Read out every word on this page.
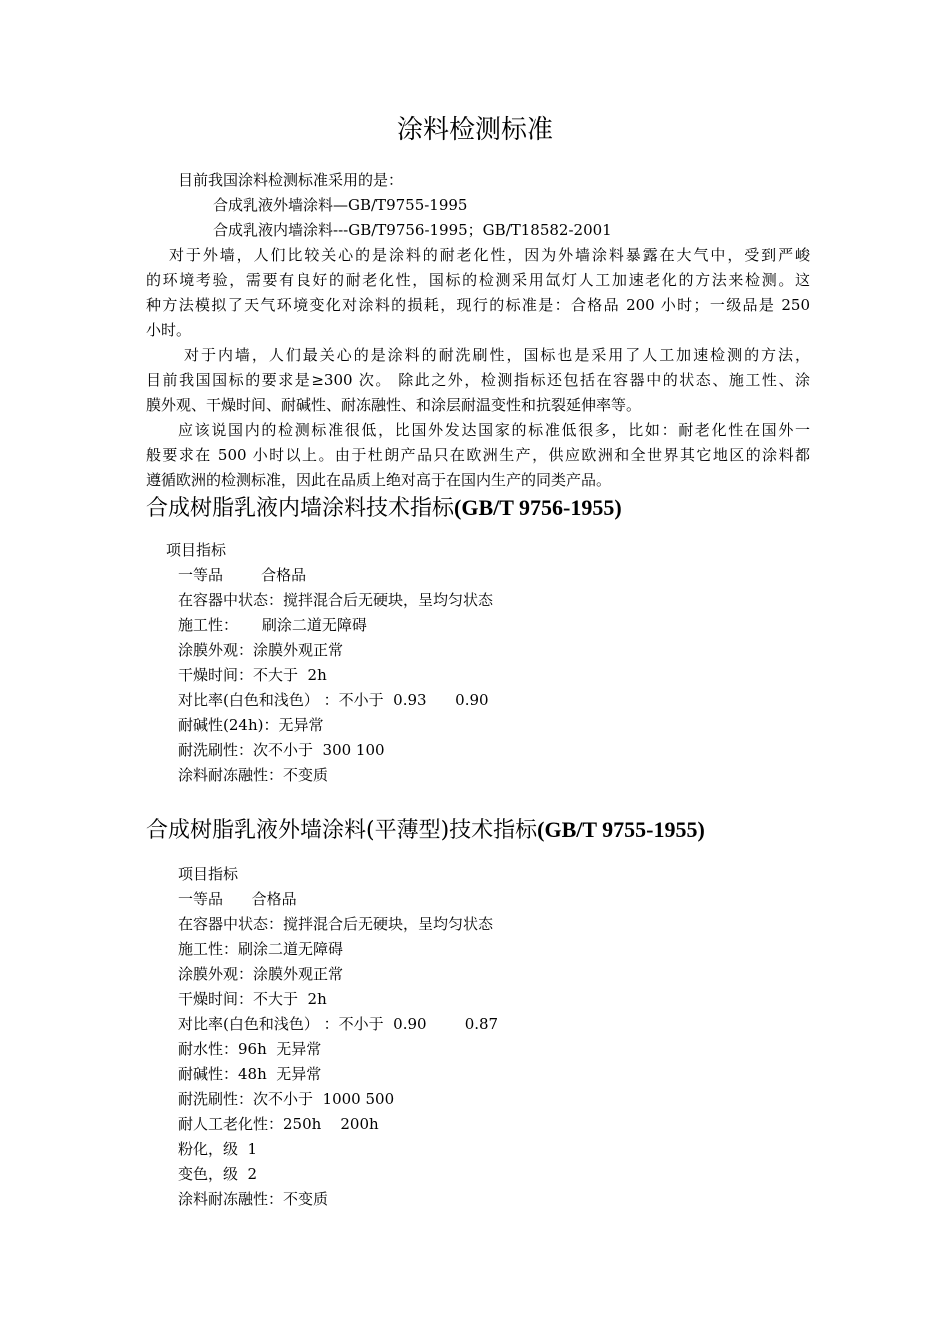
涂料检测标准

目前我国涂料检测标准采用的是：

合成乳液外墙涂料—GB/T9755-1995

合成乳液内墙涂料---GB/T9756-1995；GB/T18582-2001

对于外墙，人们比较关心的是涂料的耐老化性，因为外墙涂料暴露在大气中，受到严峻

的环境考验，需要有良好的耐老化性，国标的检测采用氙灯人工加速老化的方法来检测。这

种方法模拟了天气环境变化对涂料的损耗，现行的标准是：合格品 200 小时；一级品是 250

小时。

对于内墙，人们最关心的是涂料的耐洗刷性，国标也是采用了人工加速检测的方法，

目前我国国标的要求是≥300 次。 除此之外，检测指标还包括在容器中的状态、施工性、涂

膜外观、干燥时间、耐碱性、耐冻融性、和涂层耐温变性和抗裂延伸率等。

应该说国内的检测标准很低，比国外发达国家的标准低很多，比如：耐老化性在国外一

般要求在 500 小时以上。由于杜朗产品只在欧洲生产，供应欧洲和全世界其它地区的涂料都

遵循欧洲的检测标准，因此在品质上绝对高于在国内生产的同类产品。

合成树脂乳液内墙涂料技术指标(GB/T 9756-1955)
项目指标
一等品        合格品
在容器中状态：搅拌混合后无硬块，呈均匀状态
施工性：     刷涂二道无障碍
涂膜外观：涂膜外观正常
干燥时间：不大于  2h
对比率(白色和浅色） ：不小于  0.93      0.90
耐碱性(24h)：无异常
耐洗刷性：次不小于  300 100
涂料耐冻融性：不变质
合成树脂乳液外墙涂料(平薄型)技术指标(GB/T 9755-1955)
项目指标
一等品      合格品
在容器中状态：搅拌混合后无硬块，呈均匀状态
施工性：刷涂二道无障碍
涂膜外观：涂膜外观正常
干燥时间：不大于  2h
对比率(白色和浅色） ：不小于  0.90        0.87
耐水性：96h  无异常
耐碱性：48h  无异常
耐洗刷性：次不小于  1000 500
耐人工老化性：250h    200h
粉化，级  1
变色，级  2
涂料耐冻融性：不变质
